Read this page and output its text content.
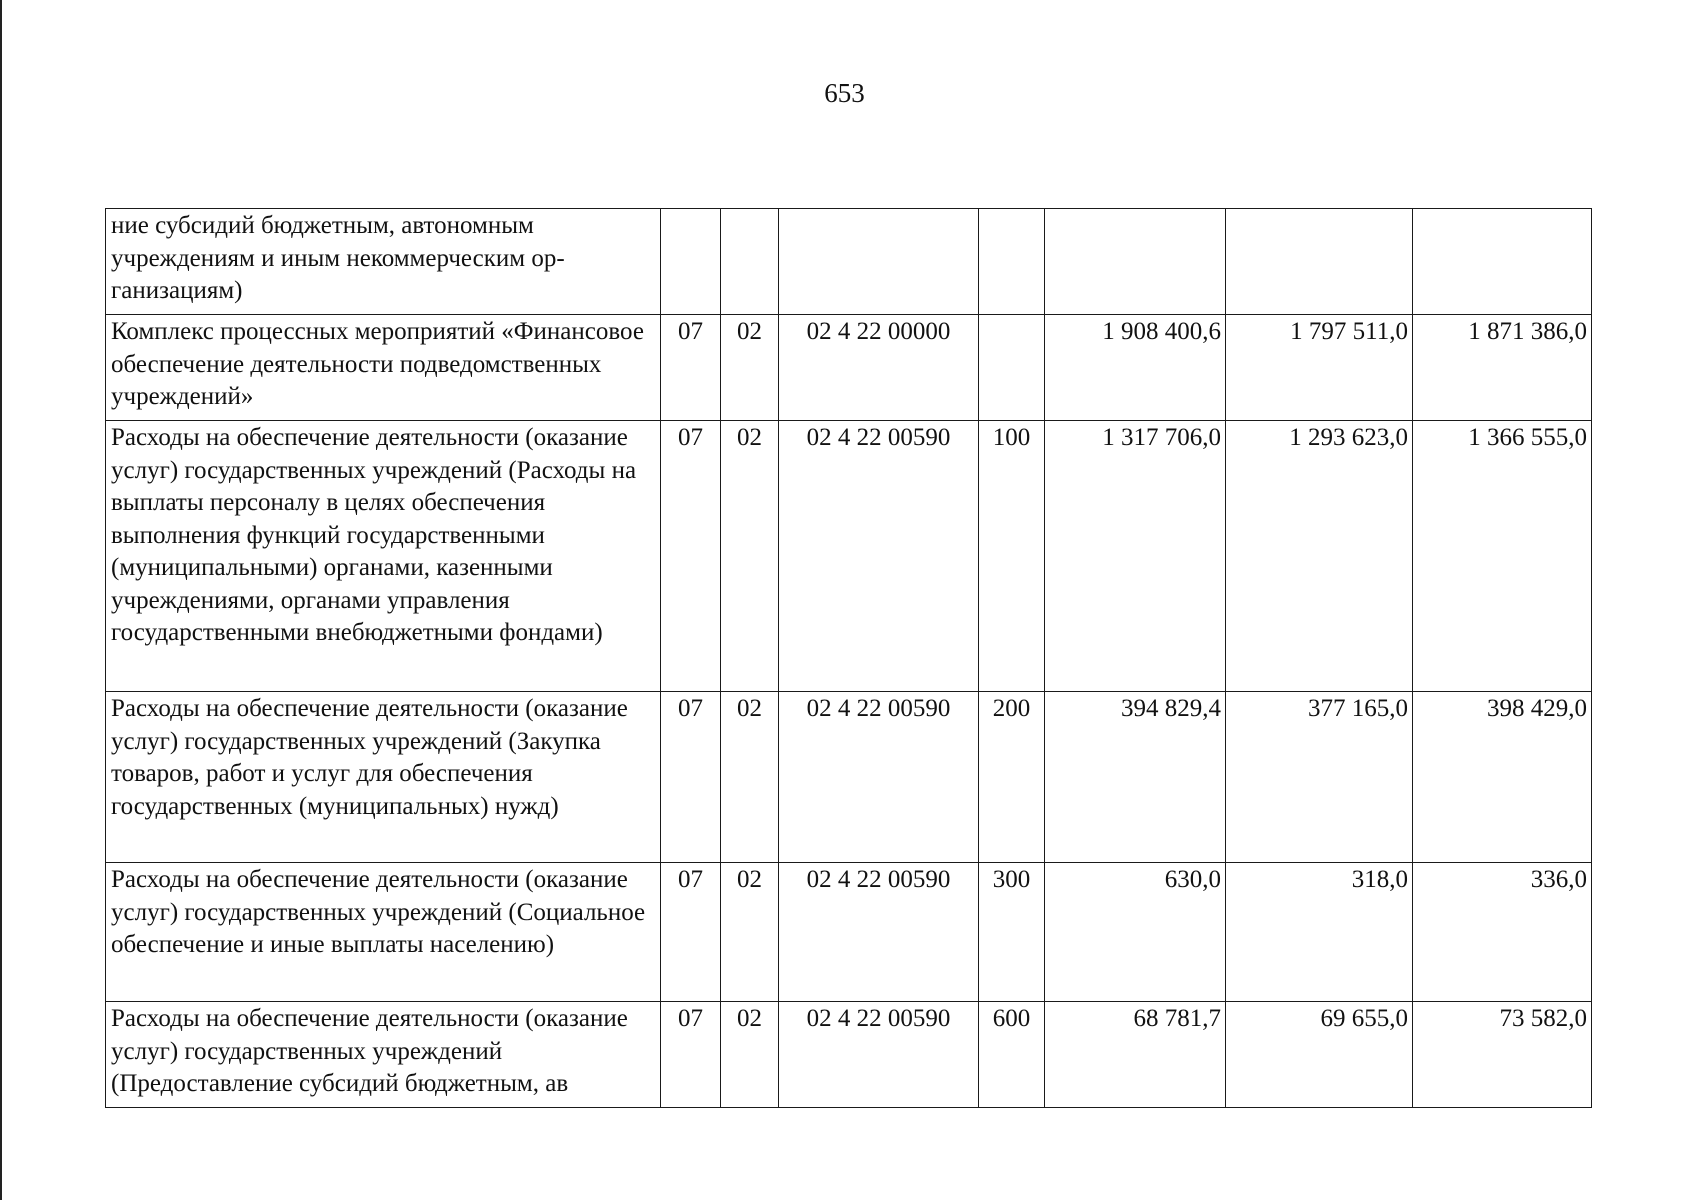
653
ние субсидий бюджетным, автономным учреждениям и иным некоммерческим организациям)							
Комплекс процессных мероприятий «Финансовое обеспечение деятельности подведомственных учреждений»	07	02	02 4 22 00000		1 908 400,6	1 797 511,0	1 871 386,0
Расходы на обеспечение деятельности (оказание услуг) государственных учреждений (Расходы на выплаты персоналу в целях обеспечения выполнения функций государственными (муниципальными) органами, казенными учреждениями, органами управления государственными внебюджетными фондами)	07	02	02 4 22 00590	100	1 317 706,0	1 293 623,0	1 366 555,0
Расходы на обеспечение деятельности (оказание услуг) государственных учреждений (Закупка товаров, работ и услуг для обеспечения государственных (муниципальных) нужд)	07	02	02 4 22 00590	200	394 829,4	377 165,0	398 429,0
Расходы на обеспечение деятельности (оказание услуг) государственных учреждений (Социальное обеспечение и иные выплаты населению)	07	02	02 4 22 00590	300	630,0	318,0	336,0
Расходы на обеспечение деятельности (оказание услуг) государственных учреждений (Предоставление субсидий бюджетным, ав	07	02	02 4 22 00590	600	68 781,7	69 655,0	73 582,0
